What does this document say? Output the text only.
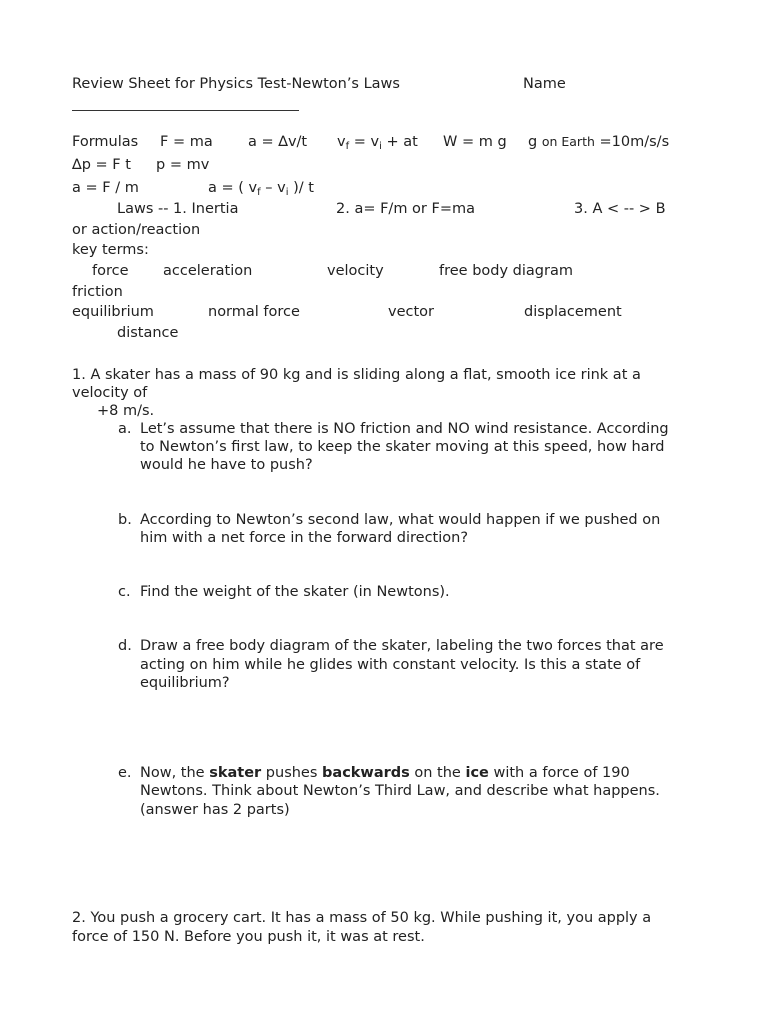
Review Sheet for Physics Test-Newton’s Laws	Name
Formulas F = ma a = ∆v/t $v_f = v_i$ + at W = m g g on Earth =10m/s/s
∆p = F t p = mv
a = F / m	a = ( $v_f - v_i$ )/ t
Laws -- 1. Inertia	2. a= F/m or F=ma	3. A < -- > B
or action/reaction
key terms:
force acceleration	velocity	free body diagram
friction
equilibrium	normal force	vector	displacement
distance
1. A skater has a mass of 90 kg and is sliding along a flat, smooth ice rink at a
velocity of
+8 m/s.
a. Let’s assume that there is NO friction and NO wind resistance. According
to Newton’s first law, to keep the skater moving at this speed, how hard
would he have to push?
b. According to Newton’s second law, what would happen if we pushed on
him with a net force in the forward direction?
c. Find the weight of the skater (in Newtons).
d. Draw a free body diagram of the skater, labeling the two forces that are
acting on him while he glides with constant velocity. Is this a state of
equilibrium?
e. Now, the skater pushes backwards on the ice with a force of 190
Newtons. Think about Newton’s Third Law, and describe what happens.
(answer has 2 parts)
2. You push a grocery cart. It has a mass of 50 kg. While pushing it, you apply a
force of 150 N. Before you push it, it was at rest.
